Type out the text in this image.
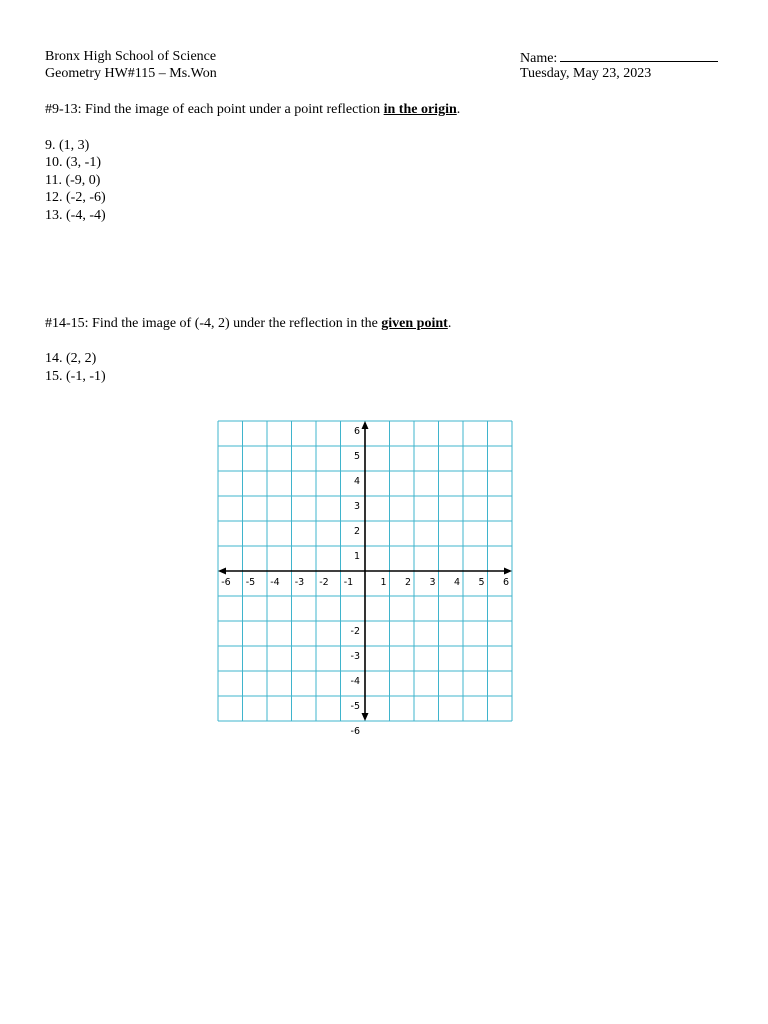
Bronx High School of Science
Geometry HW#115 – Ms.Won
Name:
Tuesday, May 23, 2023
#9-13: Find the image of each point under a point reflection in the origin.
9. (1, 3)
10. (3, -1)
11. (-9, 0)
12. (-2, -6)
13. (-4, -4)
#14-15: Find the image of (-4, 2) under the reflection in the given point.
14. (2, 2)
15. (-1, -1)
-6 -5 -4 -3 -2 -1	1 2 3 4 5 6
6
5
4
3
2
1
-2
-3
-4
-5
-6
